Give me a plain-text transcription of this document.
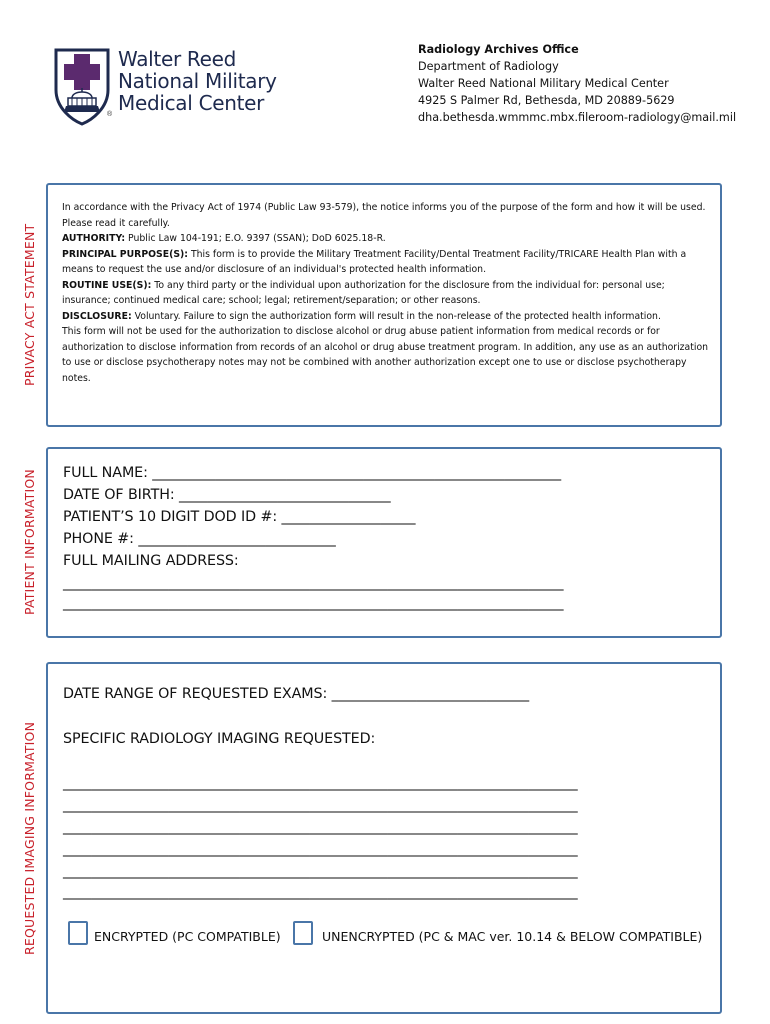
Walter Reed
National Military
Medical Center
®
Radiology Archives Office
Department of Radiology
Walter Reed National Military Medical Center
4925 S Palmer Rd, Bethesda, MD 20889-5629
dha.bethesda.wmmmc.mbx.fileroom-radiology@mail.mil
PRIVACY ACT STATEMENT

In accordance with the Privacy Act of 1974 (Public Law 93-579), the notice informs you of the purpose of the form and how it will be used. Please read it carefully.

AUTHORITY: Public Law 104-191; E.O. 9397 (SSAN); DoD 6025.18-R.

PRINCIPAL PURPOSE(S): This form is to provide the Military Treatment Facility/Dental Treatment Facility/TRICARE Health Plan with a means to request the use and/or disclosure of an individual's protected health information.

ROUTINE USE(S): To any third party or the individual upon authorization for the disclosure from the individual for: personal use; insurance; continued medical care; school; legal; retirement/separation; or other reasons.

DISCLOSURE: Voluntary. Failure to sign the authorization form will result in the non-release of the protected health information.

This form will not be used for the authorization to disclose alcohol or drug abuse patient information from medical records or for authorization to disclose information from records of an alcohol or drug abuse treatment program. In addition, any use as an authorization to use or disclose psychotherapy notes may not be combined with another authorization except one to use or disclose psychotherapy notes.

PATIENT INFORMATION FULL NAME: __________________________________________________________
DATE OF BIRTH: ______________________________
PATIENT’S 10 DIGIT DOD ID #: ___________________
PHONE #: ____________________________
FULL MAILING ADDRESS:
_______________________________________________________________________
_______________________________________________________________________
REQUESTED IMAGING INFORMATION
DATE RANGE OF REQUESTED EXAMS: ____________________________
SPECIFIC RADIOLOGY IMAGING REQUESTED:
_________________________________________________________________________
_________________________________________________________________________
_________________________________________________________________________
_________________________________________________________________________
_________________________________________________________________________
_________________________________________________________________________
ENCRYPTED (PC COMPATIBLE)	UNENCRYPTED (PC & MAC ver. 10.14 & BELOW COMPATIBLE)
